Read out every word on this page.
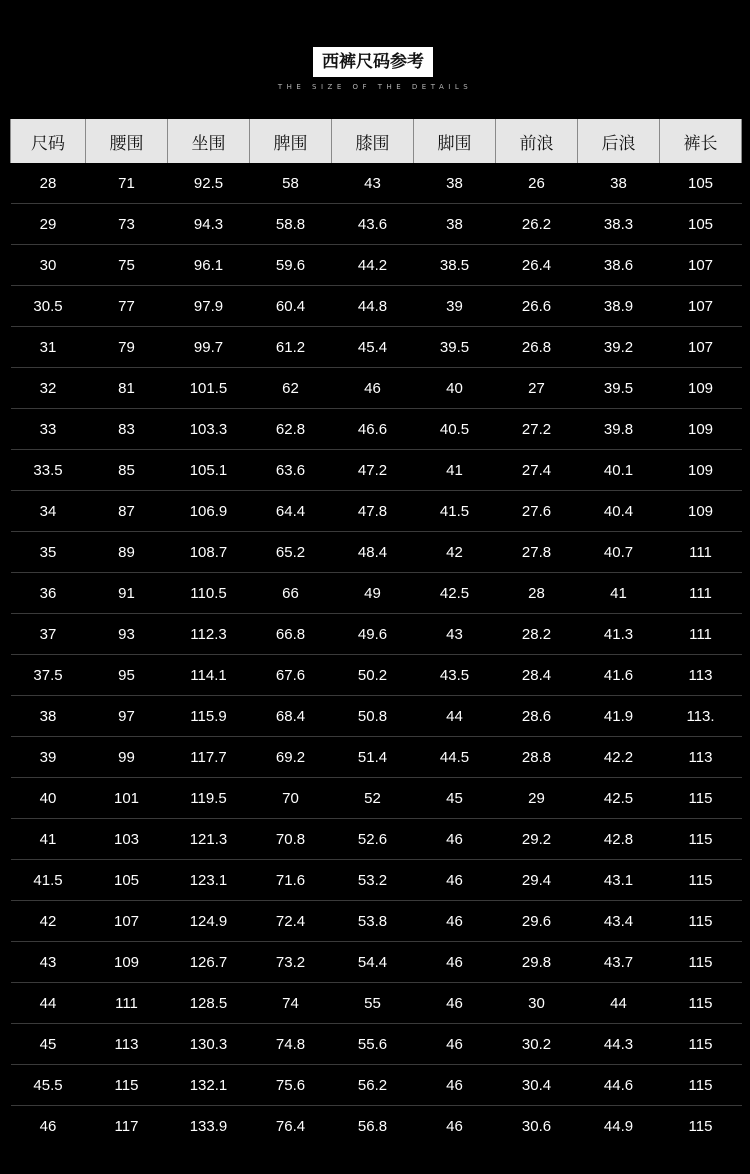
西裤尺码参考
THE SIZE OF THE DETAILS
尺码	腰围	坐围	脾围	膝围	脚围	前浪	后浪	裤长
28	71	92.5	58	43	38	26	38	105
29	73	94.3	58.8	43.6	38	26.2	38.3	105
30	75	96.1	59.6	44.2	38.5	26.4	38.6	107
30.5	77	97.9	60.4	44.8	39	26.6	38.9	107
31	79	99.7	61.2	45.4	39.5	26.8	39.2	107
32	81	101.5	62	46	40	27	39.5	109
33	83	103.3	62.8	46.6	40.5	27.2	39.8	109
33.5	85	105.1	63.6	47.2	41	27.4	40.1	109
34	87	106.9	64.4	47.8	41.5	27.6	40.4	109
35	89	108.7	65.2	48.4	42	27.8	40.7	111
36	91	110.5	66	49	42.5	28	41	111
37	93	112.3	66.8	49.6	43	28.2	41.3	111
37.5	95	114.1	67.6	50.2	43.5	28.4	41.6	113
38	97	115.9	68.4	50.8	44	28.6	41.9	113.
39	99	117.7	69.2	51.4	44.5	28.8	42.2	113
40	101	119.5	70	52	45	29	42.5	115
41	103	121.3	70.8	52.6	46	29.2	42.8	115
41.5	105	123.1	71.6	53.2	46	29.4	43.1	115
42	107	124.9	72.4	53.8	46	29.6	43.4	115
43	109	126.7	73.2	54.4	46	29.8	43.7	115
44	111	128.5	74	55	46	30	44	115
45	113	130.3	74.8	55.6	46	30.2	44.3	115
45.5	115	132.1	75.6	56.2	46	30.4	44.6	115
46	117	133.9	76.4	56.8	46	30.6	44.9	115
